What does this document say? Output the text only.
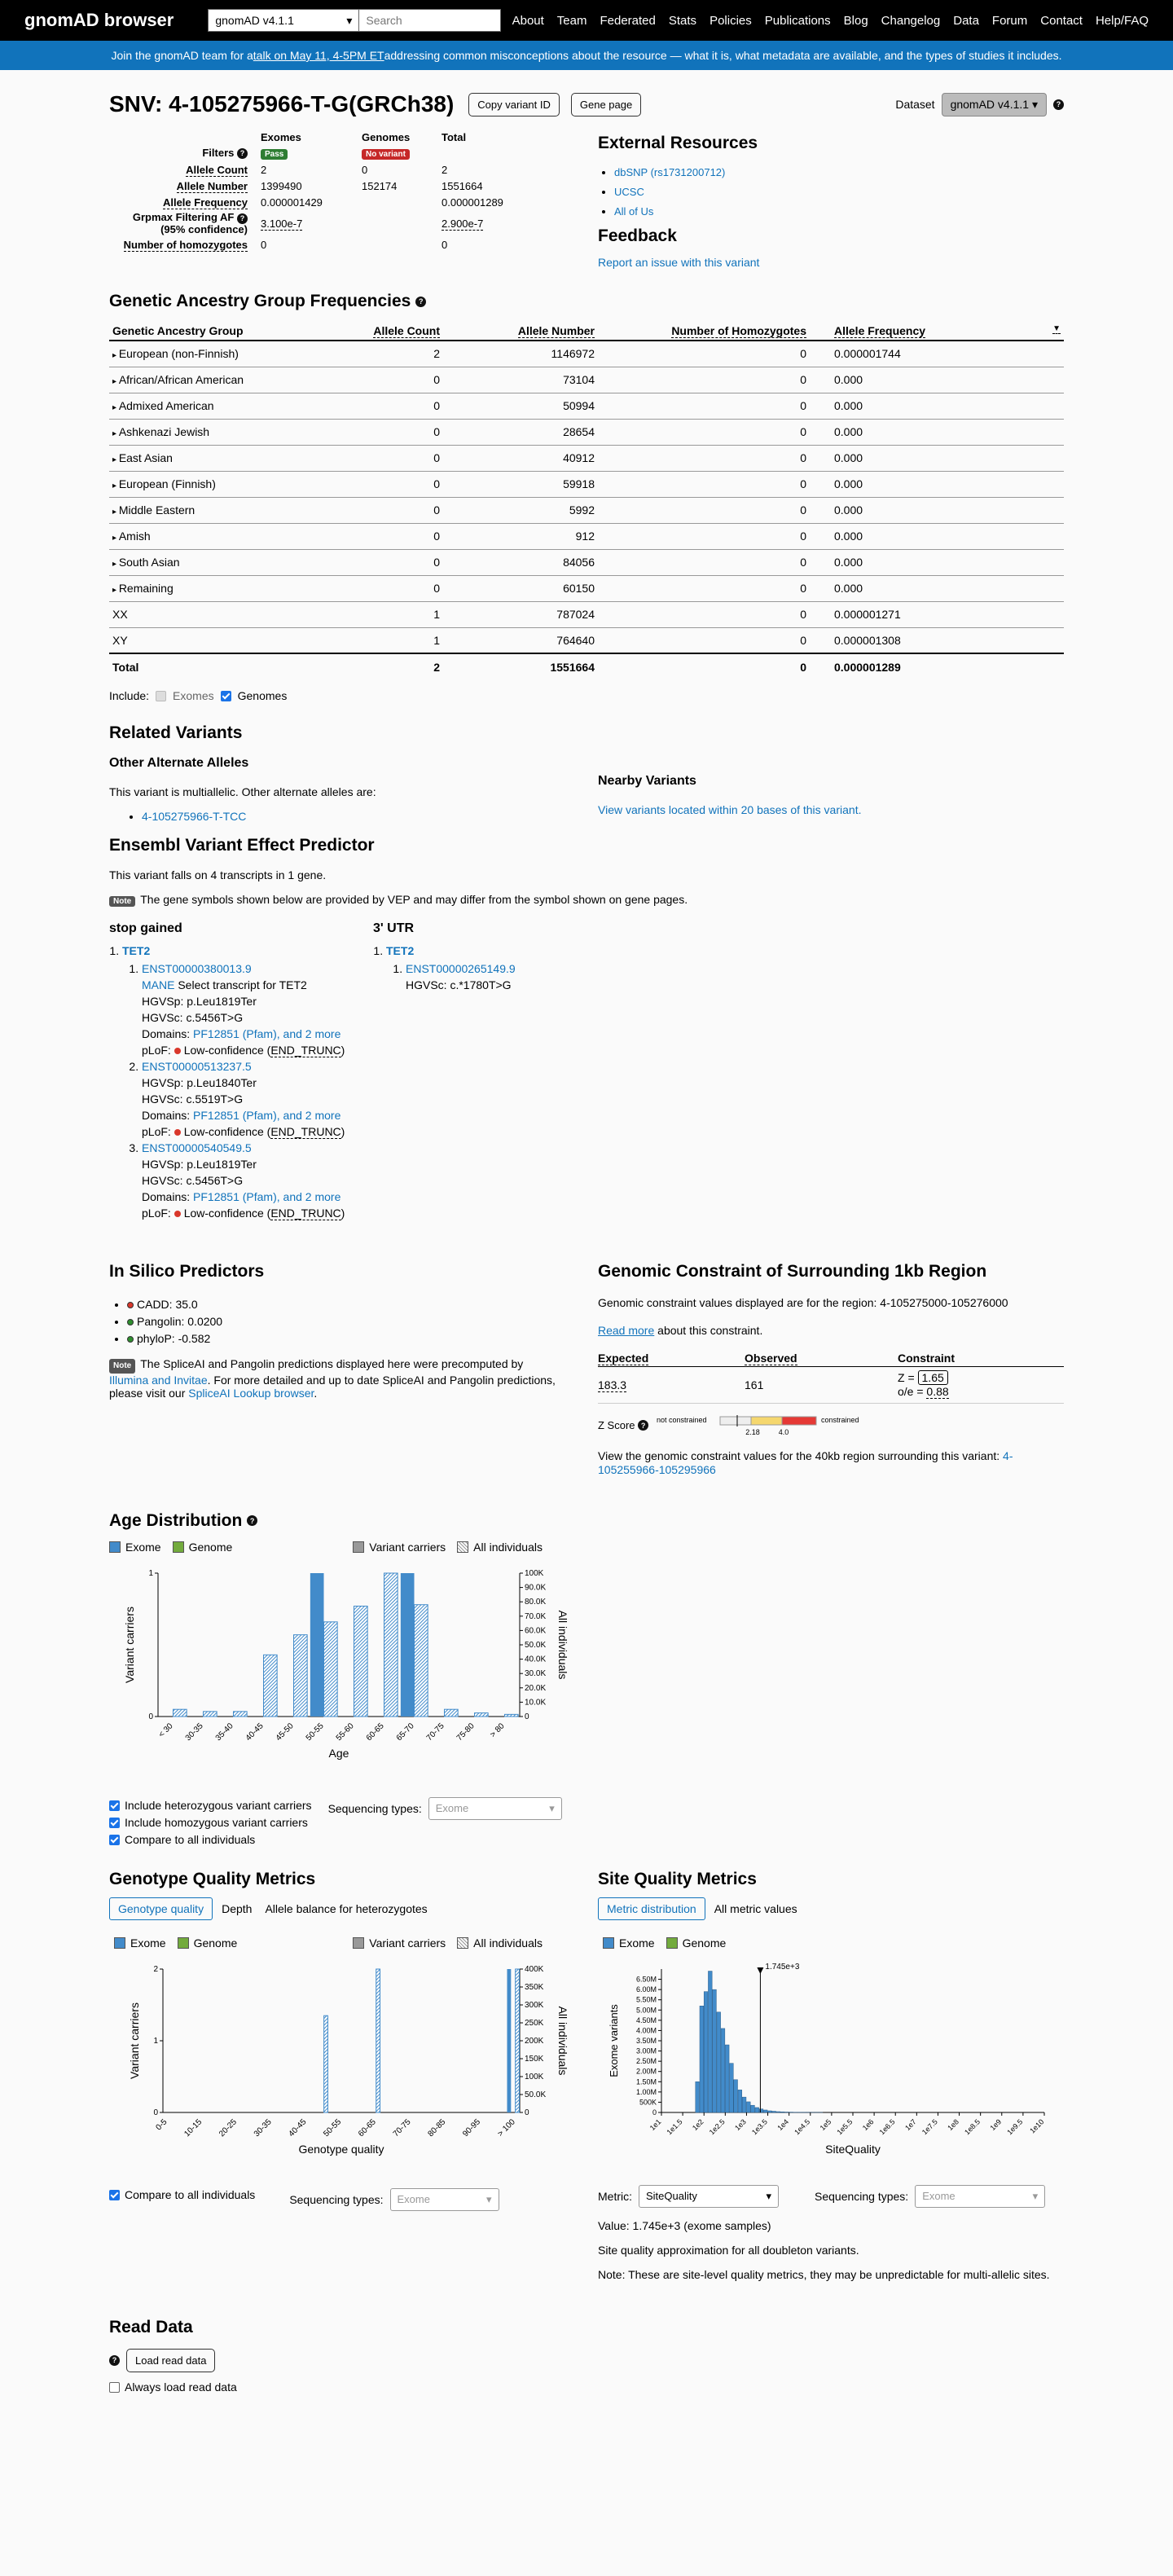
gnomAD browser	gnomAD v4.1.1	▾	Search	About Team Federated Stats Policies Publications Blog Changelog Data Forum Contact Help/FAQ
Join the gnomAD team for a talk on May 11, 4-5PM ET addressing common misconceptions about the resource — what it is, what metadata are available, and the types of studies it includes.
SNV: 4-105275966-T-G(GRCh38)	Copy variant ID	Gene page	Dataset	gnomAD v4.1.1 ▾	?
	Exomes	Genomes	Total
Filters ?	Pass	No variant	
Allele Count	2	0	2
Allele Number	1399490	152174	1551664
Allele Frequency	0.000001429		0.000001289
Grpmax Filtering AF ?
(95% confidence)	3.100e-7		2.900e-7
Number of homozygotes	0		0
External Resources
• dbSNP (rs1731200712)
• UCSC
• All of Us
Feedback
Report an issue with this variant
Genetic Ancestry Group Frequencies ?
Genetic Ancestry Group	Allele Count	Allele Number	Number of Homozygotes	Allele Frequency ▼

▸ European (non-Finnish)	2	1146972	0	0.000001744
▸ African/African American	0	73104	0	0.000
▸ Admixed American	0	50994	0	0.000
▸ Ashkenazi Jewish	0	28654	0	0.000
▸ East Asian	0	40912	0	0.000
▸ European (Finnish)	0	59918	0	0.000
▸ Middle Eastern	0	5992	0	0.000
▸ Amish	0	912	0	0.000
▸ South Asian	0	84056	0	0.000
▸ Remaining	0	60150	0	0.000
XX	1	787024	0	0.000001271
XY	1	764640	0	0.000001308
Total	2	1551664	0	0.000001289
Include: Exomes Genomes
Related Variants
Other Alternate Alleles
This variant is multiallelic. Other alternate alleles are:
• 4-105275966-T-TCC
Nearby Variants
View variants located within 20 bases of this variant.
Ensembl Variant Effect Predictor
This variant falls on 4 transcripts in 1 gene.
Note The gene symbols shown below are provided by VEP and may differ from the symbol shown on gene pages.
stop gained
1. TET2
1. ENST00000380013.9
MANE Select transcript for TET2
HGVSp: p.Leu1819Ter
HGVSc: c.5456T>G
Domains: PF12851 (Pfam), and 2 more
pLoF: Low-confidence (END_TRUNC)
2. ENST00000513237.5
HGVSp: p.Leu1840Ter
HGVSc: c.5519T>G
Domains: PF12851 (Pfam), and 2 more
pLoF: Low-confidence (END_TRUNC)
3. ENST00000540549.5
HGVSp: p.Leu1819Ter
HGVSc: c.5456T>G
Domains: PF12851 (Pfam), and 2 more
pLoF: Low-confidence (END_TRUNC)
3' UTR
1. TET2
1. ENST00000265149.9
HGVSc: c.*1780T>G
In Silico Predictors
• CADD: 35.0
• Pangolin: 0.0200
• phyloP: -0.582
Note The SpliceAI and Pangolin predictions displayed here were precomputed by Illumina and Invitae. For more detailed and up to date SpliceAI and Pangolin predictions, please visit our SpliceAI Lookup browser.
Genomic Constraint of Surrounding 1kb Region
Genomic constraint values displayed are for the region: 4-105275000-105276000
Read more about this constraint.
Expected	Observed	Constraint
183.3	161	Z = 1.65
o/e = 0.88
Z Score
?
not constrained
2.18	4.0
constrained
View the genomic constraint values for the 40kb region surrounding this variant: 4-105255966-105295966
Age Distribution ?
Exome Genome	Variant carriers All individuals
0
1
0
10.0K
20.0K
30.0K
40.0K
50.0K
60.0K
70.0K
80.0K
90.0K
100K
< 30 30-35 35-40 40-45 45-50 50-55 55-60 60-65 65-70 70-75 75-80 > 80
Age
Variant carriers	All individuals
Include heterozygous variant carriers
Include homozygous variant carriers
Compare to all individuals
Sequencing types: Exome	▾
Genotype Quality Metrics
Genotype quality	Depth	Allele balance for heterozygotes
Exome Genome	Variant carriers All individuals
0
1
2
0
50.0K
100K
150K
200K
250K
300K
350K
400K
0-5 10-15 20-25 30-35 40-45 50-55 60-65 70-75 80-85 90-95 > 100
Genotype quality
Variant carriers	All individuals
Compare to all individuals	Sequencing types: Exome	▾
Site Quality Metrics
Metric distribution	All metric values
Exome Genome
0
500K
1.00M
1.50M
2.00M
2.50M
3.00M
3.50M
4.00M
4.50M
5.00M
5.50M
6.00M
6.50M
1e1 1e1.5 1e2 1e2.5 1e3 1e3.5 1e4 1e4.5 1e5 1e5.5 1e6 1e6.5 1e7 1e7.5 1e8 1e8.5 1e9 1e9.5 1e10
1.745e+3
SiteQuality
Exome variants
Metric: SiteQuality	▾	Sequencing types: Exome	▾
Value: 1.745e+3 (exome samples)
Site quality approximation for all doubleton variants.
Note: These are site-level quality metrics, they may be unpredictable for multi-allelic sites.
Read Data
?	Load read data
Always load read data
